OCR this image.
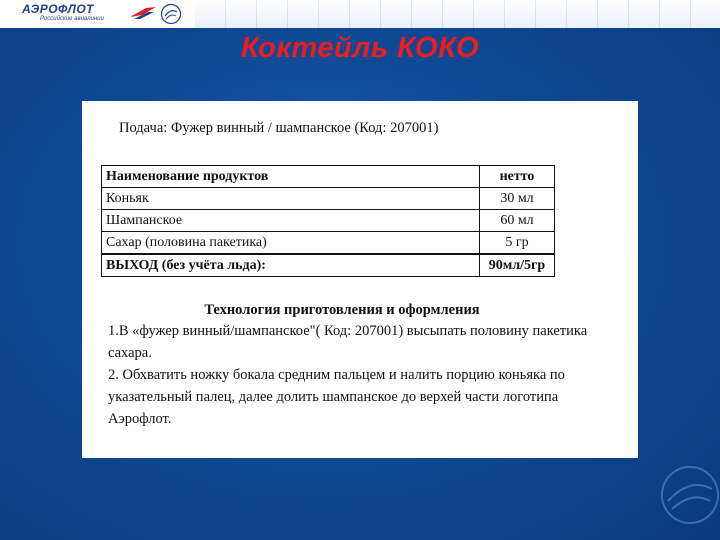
АЭРОФЛОТ
Российские авиалинии
Коктейль КОКО
Подача: Фужер винный / шампанское (Код: 207001)
Наименование продуктов	нетто
Коньяк	30 мл
Шампанское	60 мл
Сахар (половина пакетика)	5 гр
ВЫХОД (без учёта льда):	90мл/5гр
Технология приготовления и оформления

1.В «фужер винный/шампанское"( Код: 207001) высыпать половину пакетика сахара.

2. Обхватить ножку бокала средним пальцем и налить порцию коньяка по указательный палец, далее долить шампанское до верхей части логотипа Аэрофлот.
